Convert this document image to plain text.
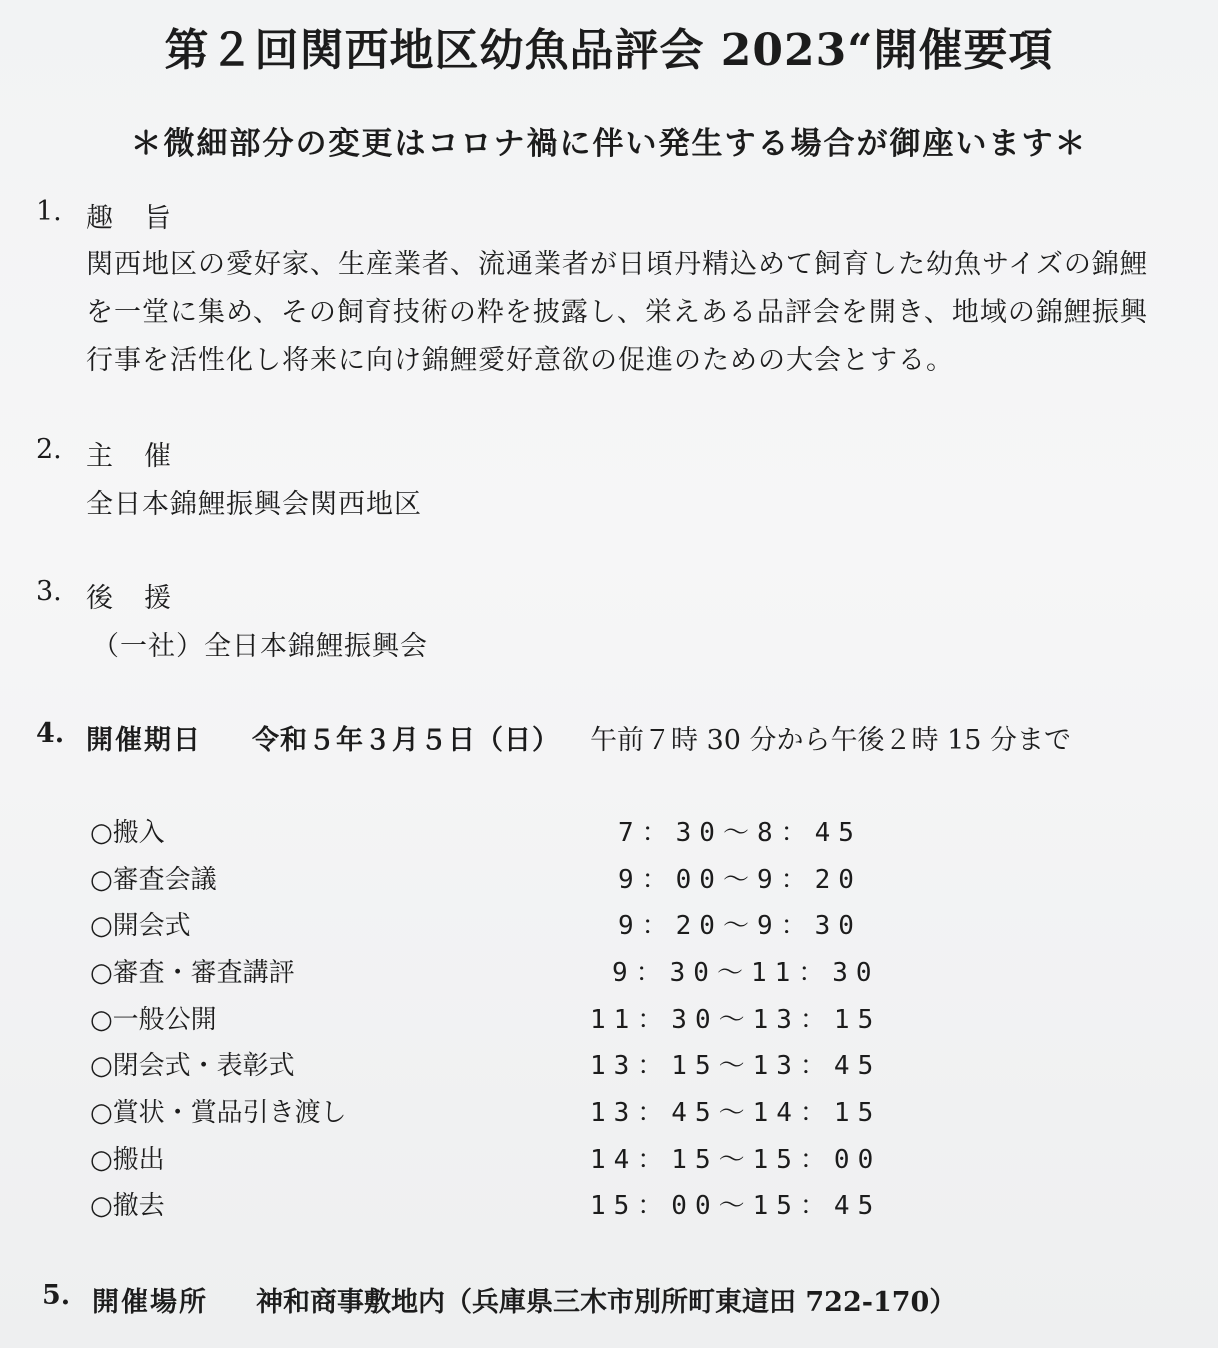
第２回関西地区幼魚品評会 2023“開催要項
＊微細部分の変更はコロナ禍に伴い発生する場合が御座います＊
1. 趣　旨
関西地区の愛好家、生産業者、流通業者が日頃丹精込めて飼育した幼魚サイズの錦鯉
を一堂に集め、その飼育技術の粋を披露し、栄えある品評会を開き、地域の錦鯉振興
行事を活性化し将来に向け錦鯉愛好意欲の促進のための大会とする。
2. 主　催
全日本錦鯉振興会関西地区
3. 後　援
（一社）全日本錦鯉振興会
4. 開催期日 令和５年３月５日（日） 午前７時 30 分から午後２時 15 分まで
○搬入	7：30〜8：45
○審査会議	9：00〜9：20
○開会式	9：20〜9：30
○審査・審査講評	9：30〜11：30
○一般公開	11：30〜13：15
○閉会式・表彰式	13：15〜13：45
○賞状・賞品引き渡し	13：45〜14：15
○搬出	14：15〜15：00
○撤去	15：00〜15：45
5. 開催場所 神和商事敷地内（兵庫県三木市別所町東這田 722-170）
